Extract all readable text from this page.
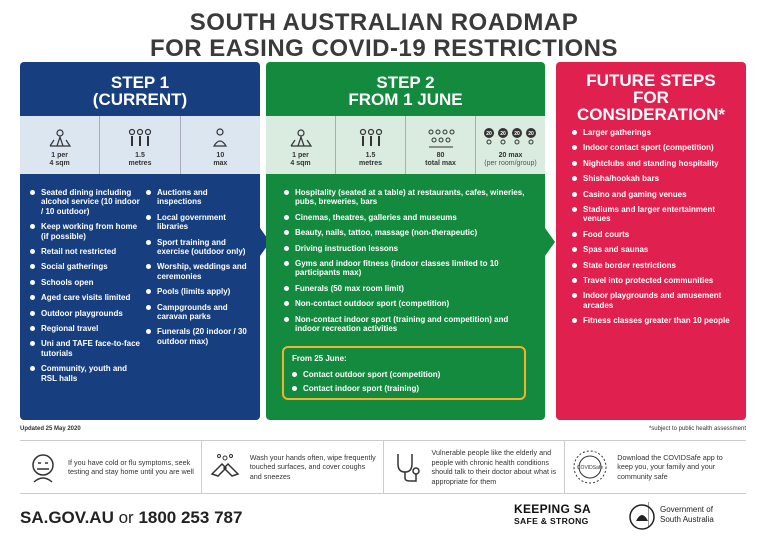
SOUTH AUSTRALIAN ROADMAP
FOR EASING COVID-19 RESTRICTIONS
STEP 1
(CURRENT)
1 per
4 sqm
1.5
metres
10
max
Seated dining including alcohol service (10 indoor / 10 outdoor)
Keep working from home (if possible)
Retail not restricted
Social gatherings
Schools open
Aged care visits limited
Outdoor playgrounds
Regional travel
Uni and TAFE face-to-face tutorials
Community, youth and RSL halls
Auctions and inspections
Local government libraries
Sport training and exercise (outdoor only)
Worship, weddings and ceremonies
Pools (limits apply)
Campgrounds and caravan parks
Funerals (20 indoor / 30 outdoor max)
STEP 2
FROM 1 JUNE
1 per
4 sqm
1.5
metres
80
total max
20 20 20 20
20 max
(per room/group)
Hospitality (seated at a table) at restaurants, cafes, wineries, pubs, breweries, bars
Cinemas, theatres, galleries and museums
Beauty, nails, tattoo, massage (non-therapeutic)
Driving instruction lessons
Gyms and indoor fitness (indoor classes limited to 10 participants max)
Funerals (50 max room limit)
Non-contact outdoor sport (competition)
Non-contact indoor sport (training and competition) and indoor recreation activities
From 25 June:
Contact outdoor sport (competition)
Contact indoor sport (training)
FUTURE STEPS
FOR
CONSIDERATION*
Larger gatherings
Indoor contact sport (competition)
Nightclubs and standing hospitality
Shisha/hookah bars
Casino and gaming venues
Stadiums and larger entertainment venues
Food courts
Spas and saunas
State border restrictions
Travel into protected communities
Indoor playgrounds and amusement arcades
Fitness classes greater than 10 people
Updated 25 May 2020	*subject to public health assessment
If you have cold or flu symptoms, seek testing and stay home until you are well
Wash your hands often, wipe frequently touched surfaces, and cover coughs and sneezes
Vulnerable people like the elderly and people with chronic health conditions should talk to their doctor about what is appropriate for them
COVIDSafe
Download the COVIDSafe app to keep you, your family and your community safe
SA.GOV.AU or 1800 253 787	KEEPING SA
SAFE & STRONG
Government of
South Australia
